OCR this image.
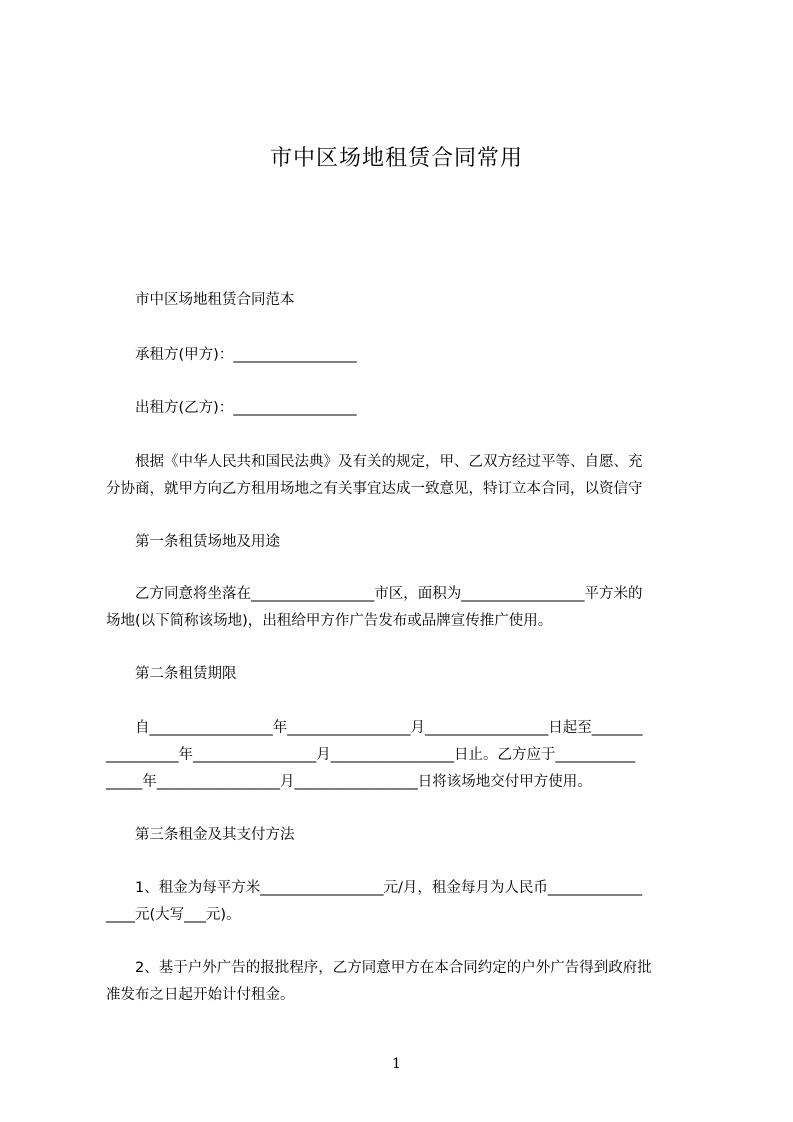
市中区场地租赁合同常用
　　市中区场地租赁合同范本
　　承租方(甲方)：_________________
　　出租方(乙方)：_________________
　　根据《中华人民共和国民法典》及有关的规定，甲、乙双方经过平等、自愿、充
分协商，就甲方向乙方租用场地之有关事宜达成一致意见，特订立本合同，以资信守
　　第一条租赁场地及用途
　　乙方同意将坐落在_________________市区，面积为_________________平方米的
场地(以下简称该场地)，出租给甲方作广告发布或品牌宣传推广使用。
　　第二条租赁期限
　　自_________________年_________________月_________________日起至_______
__________年_________________月_________________日止。乙方应于___________
_____年_________________月_________________日将该场地交付甲方使用。
　　第三条租金及其支付方法
　　1、租金为每平方米_________________元/月，租金每月为人民币_____________
____元(大写___元)。
　　2、基于户外广告的报批程序，乙方同意甲方在本合同约定的户外广告得到政府批
准发布之日起开始计付租金。
1
